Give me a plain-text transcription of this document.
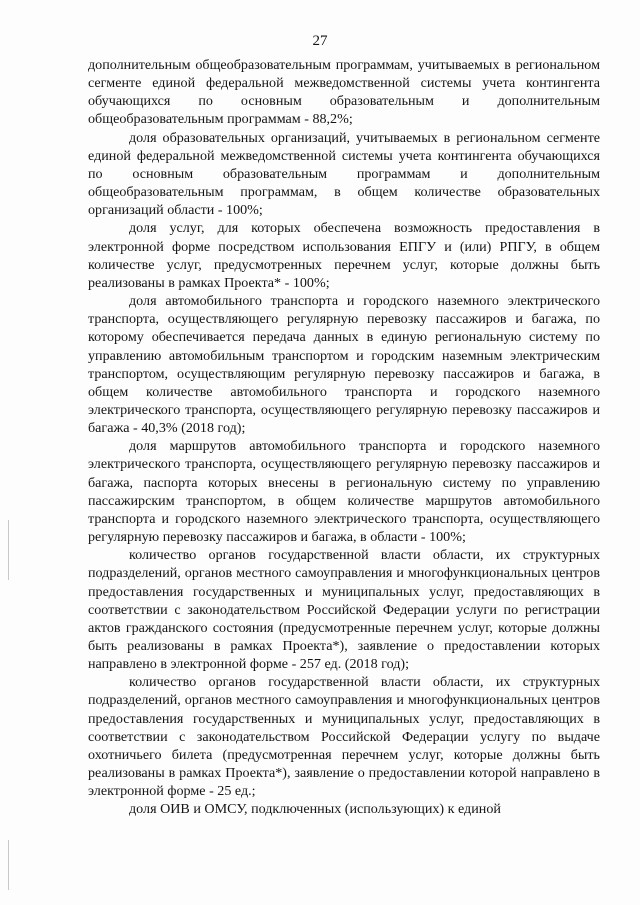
27

дополнительным общеобразовательным программам, учитываемых в региональном сегменте единой федеральной межведомственной системы учета контингента обучающихся по основным образовательным и дополнительным общеобразовательным программам - 88,2%;

доля образовательных организаций, учитываемых в региональном сегменте единой федеральной межведомственной системы учета контингента обучающихся по основным образовательным программам и дополнительным общеобразовательным программам, в общем количестве образовательных организаций области - 100%;

доля услуг, для которых обеспечена возможность предоставления в электронной форме посредством использования ЕПГУ и (или) РПГУ, в общем количестве услуг, предусмотренных перечнем услуг, которые должны быть реализованы в рамках Проекта* - 100%;

доля автомобильного транспорта и городского наземного электрического транспорта, осуществляющего регулярную перевозку пассажиров и багажа, по которому обеспечивается передача данных в единую региональную систему по управлению автомобильным транспортом и городским наземным электрическим транспортом, осуществляющим регулярную перевозку пассажиров и багажа, в общем количестве автомобильного транспорта и городского наземного электрического транспорта, осуществляющего регулярную перевозку пассажиров и багажа - 40,3% (2018 год);

доля маршрутов автомобильного транспорта и городского наземного электрического транспорта, осуществляющего регулярную перевозку пассажиров и багажа, паспорта которых внесены в региональную систему по управлению пассажирским транспортом, в общем количестве маршрутов автомобильного транспорта и городского наземного электрического транспорта, осуществляющего регулярную перевозку пассажиров и багажа, в области - 100%;

количество органов государственной власти области, их структурных подразделений, органов местного самоуправления и многофункциональных центров предоставления государственных и муниципальных услуг, предоставляющих в соответствии с законодательством Российской Федерации услуги по регистрации актов гражданского состояния (предусмотренные перечнем услуг, которые должны быть реализованы в рамках Проекта*), заявление о предоставлении которых направлено в электронной форме - 257 ед. (2018 год);

количество органов государственной власти области, их структурных подразделений, органов местного самоуправления и многофункциональных центров предоставления государственных и муниципальных услуг, предоставляющих в соответствии с законодательством Российской Федерации услугу по выдаче охотничьего билета (предусмотренная перечнем услуг, которые должны быть реализованы в рамках Проекта*), заявление о предоставлении которой направлено в электронной форме - 25 ед.;

доля ОИВ и ОМСУ, подключенных (использующих) к единой
